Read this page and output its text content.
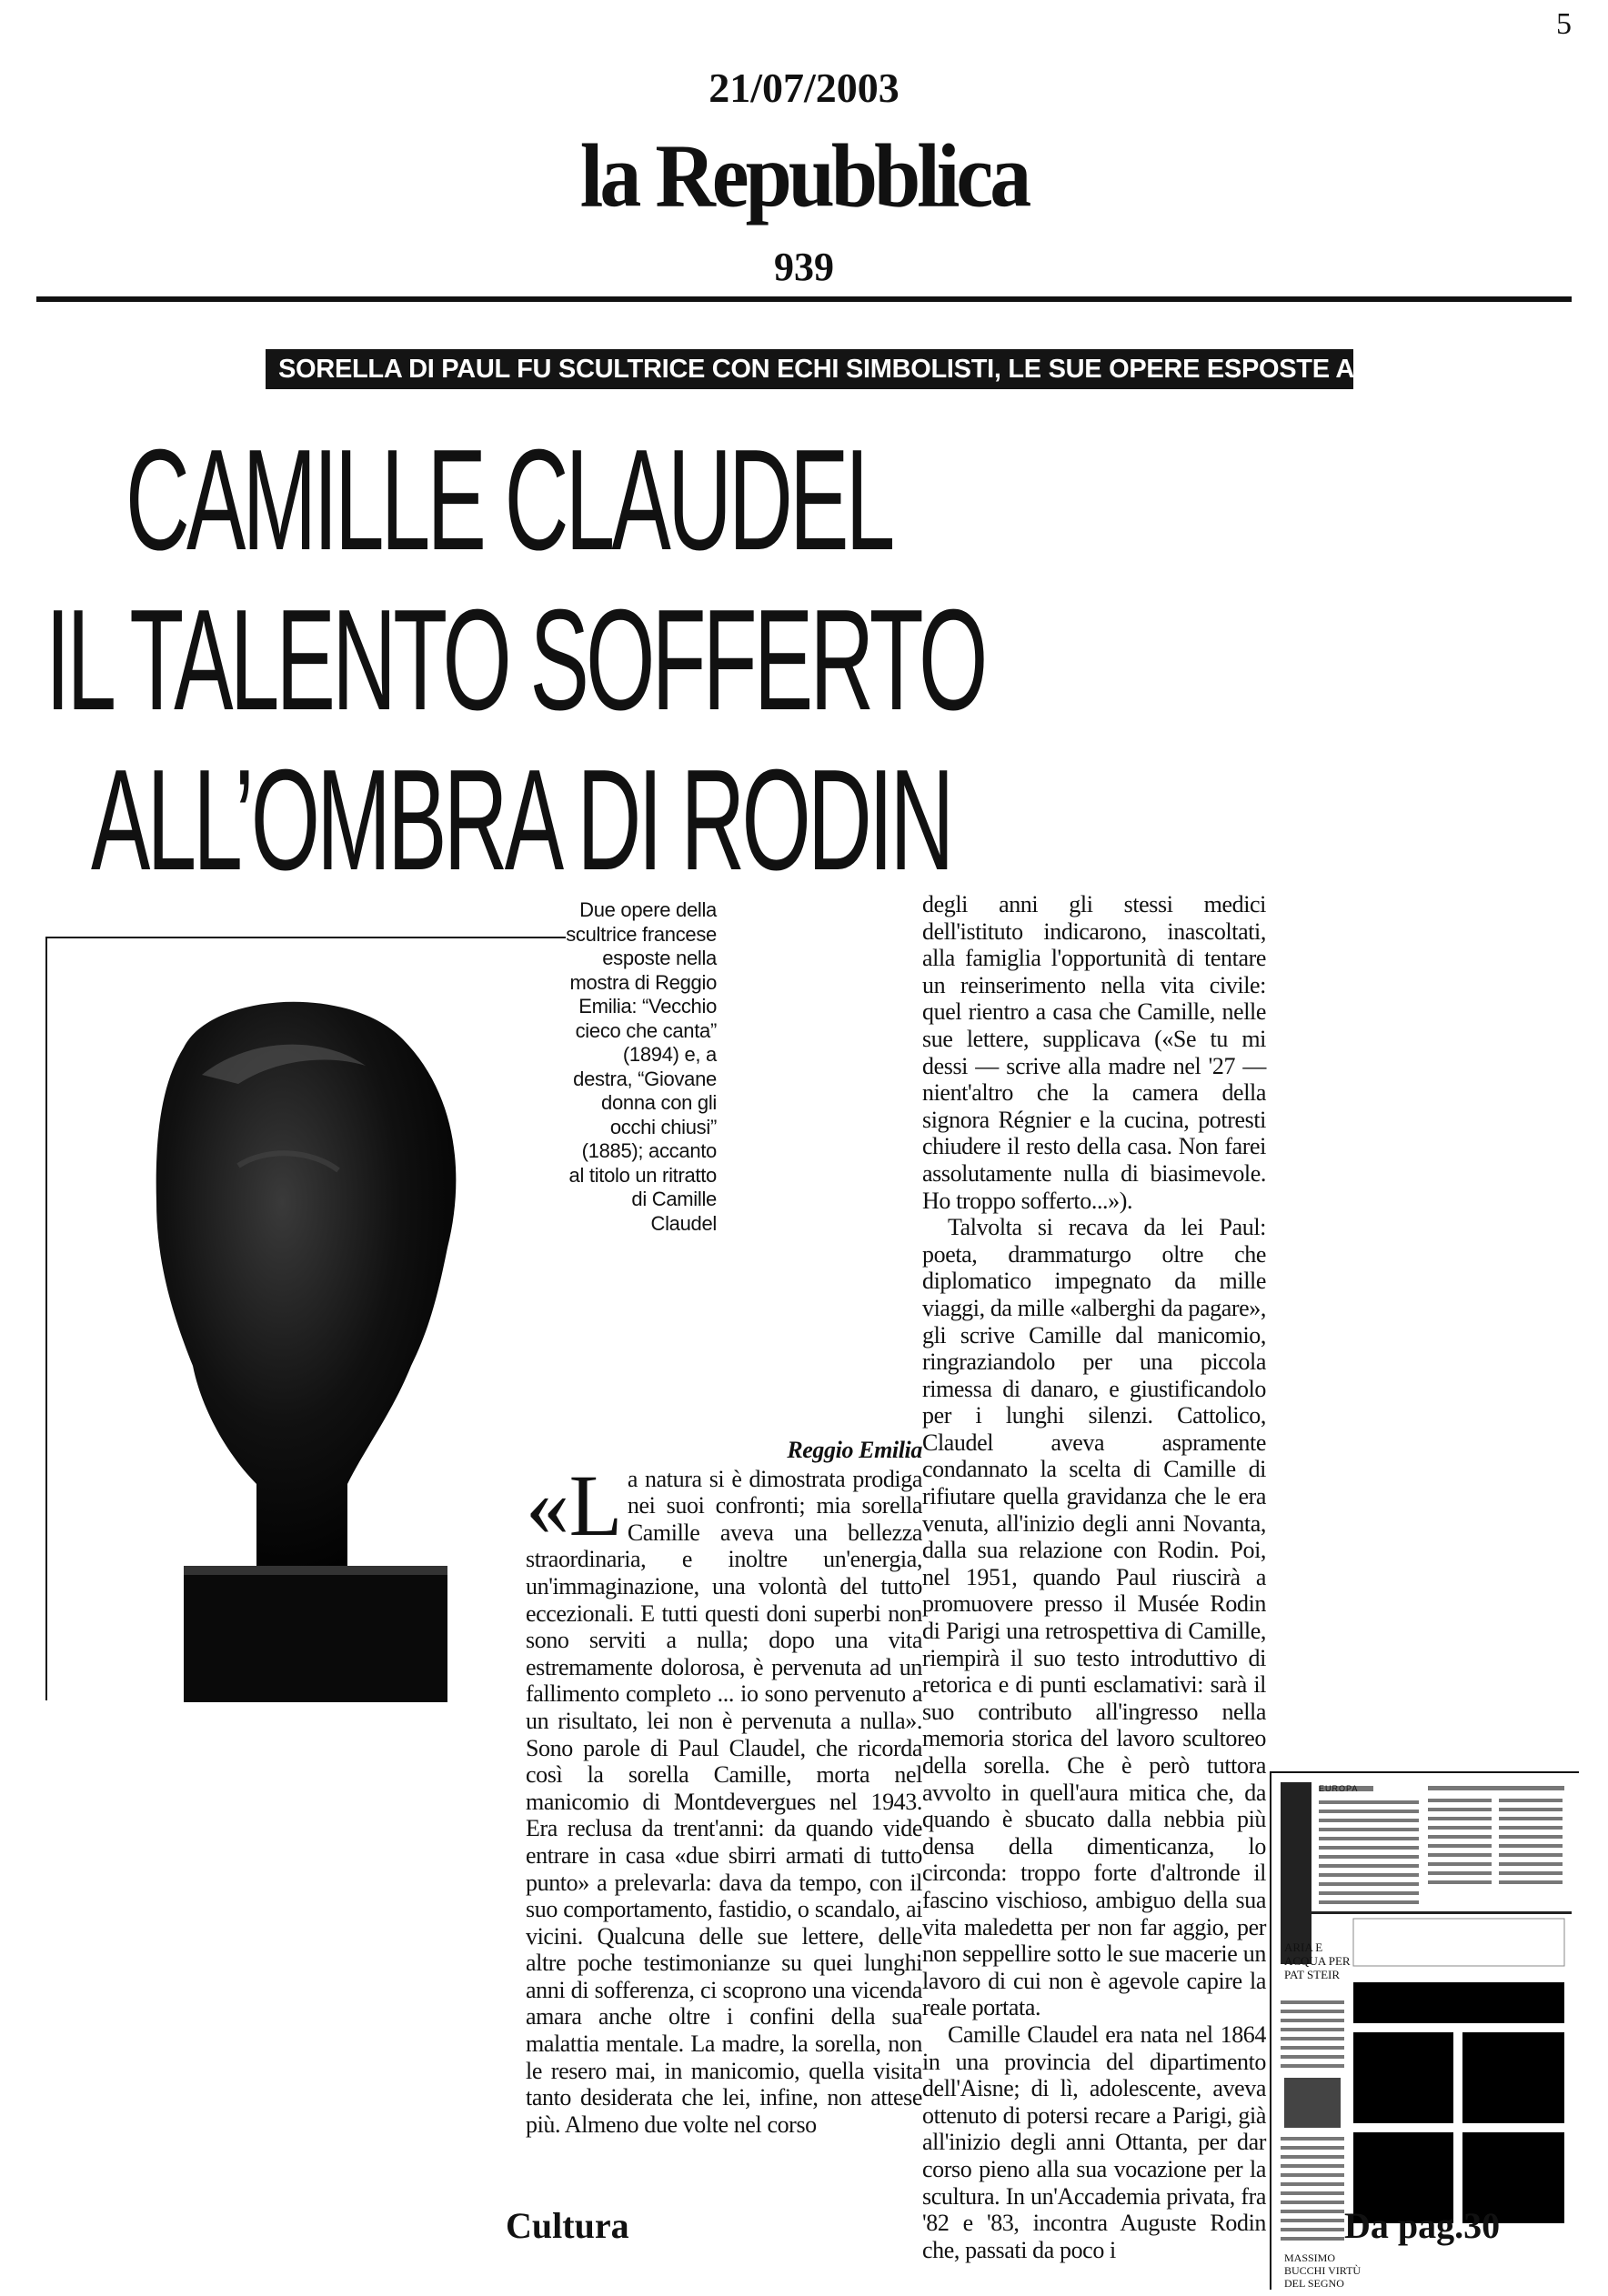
5
21/07/2003
la Repubblica
939
SORELLA DI PAUL FU SCULTRICE CON ECHI SIMBOLISTI, LE SUE OPERE ESPOSTE A REGGIO EMILIA
CAMILLE CLAUDEL
IL TALENTO SOFFERTO
ALL’OMBRA DI RODIN
Due opere della scultrice francese esposte nella mostra di Reggio Emilia: “Vecchio cieco che canta” (1894) e, a destra, “Giovane donna con gli occhi chiusi” (1885); accanto al titolo un ritratto di Camille Claudel
Reggio Emilia

«La natura si è dimostrata prodiga nei suoi confronti; mia sorella Camille aveva una bellezza straordinaria, e inoltre un'energia, un'immaginazione, una volontà del tutto eccezionali. E tutti questi doni superbi non sono serviti a nulla; dopo una vita estremamente dolorosa, è pervenuta ad un fallimento completo ... io sono pervenuto a un risultato, lei non è pervenuta a nulla». Sono parole di Paul Claudel, che ricorda così la sorella Camille, morta nel manicomio di Montdevergues nel 1943. Era reclusa da trent'anni: da quando vide entrare in casa «due sbirri armati di tutto punto» a prelevarla: dava da tempo, con il suo comportamento, fastidio, o scandalo, ai vicini. Qualcuna delle sue lettere, delle altre poche testimonianze su quei lunghi anni di sofferenza, ci scoprono una vicenda amara anche oltre i confini della sua malattia mentale. La madre, la sorella, non le resero mai, in manicomio, quella visita tanto desiderata che lei, infine, non attese più. Almeno due volte nel corso

degli anni gli stessi medici dell'istituto indicarono, inascoltati, alla famiglia l'opportunità di tentare un reinserimento nella vita civile: quel rientro a casa che Camille, nelle sue lettere, supplicava («Se tu mi dessi — scrive alla madre nel '27 — nient'altro che la camera della signora Régnier e la cucina, potresti chiudere il resto della casa. Non farei assolutamente nulla di biasimevole. Ho troppo sofferto...»).

Talvolta si recava da lei Paul: poeta, drammaturgo oltre che diplomatico impegnato da mille viaggi, da mille «alberghi da pagare», gli scrive Camille dal manicomio, ringraziandolo per una piccola rimessa di danaro, e giustificandolo per i lunghi silenzi. Cattolico, Claudel aveva aspramente condannato la scelta di Camille di rifiutare quella gravidanza che le era venuta, all'inizio degli anni Novanta, dalla sua relazione con Rodin. Poi, nel 1951, quando Paul riuscirà a promuovere presso il Musée Rodin di Parigi una retrospettiva di Camille, riempirà il suo testo introduttivo di retorica e di punti esclamativi: sarà il suo contributo all'ingresso nella memoria storica del lavoro scultoreo della sorella. Che è però tuttora avvolto in quell'aura mitica che, da quando è sbucato dalla nebbia più densa della dimenticanza, lo circonda: troppo forte d'altronde il fascino vischioso, ambiguo della sua vita maledetta per non far aggio, per non seppellire sotto le sue macerie un lavoro di cui non è agevole capire la reale portata.

Camille Claudel era nata nel 1864 in una provincia del dipartimento dell'Aisne; di lì, adolescente, aveva ottenuto di potersi recare a Parigi, già all'inizio degli anni Ottanta, per dar corso pieno alla sua vocazione per la scultura. In un'Accademia privata, fra '82 e '83, incontra Auguste Rodin che, passati da poco i

EUROPA
ARIA E ACQUA PER PAT STEIR
MASSIMO BUCCHI VIRTÙ DEL SEGNO
Cultura	Da pag.30
